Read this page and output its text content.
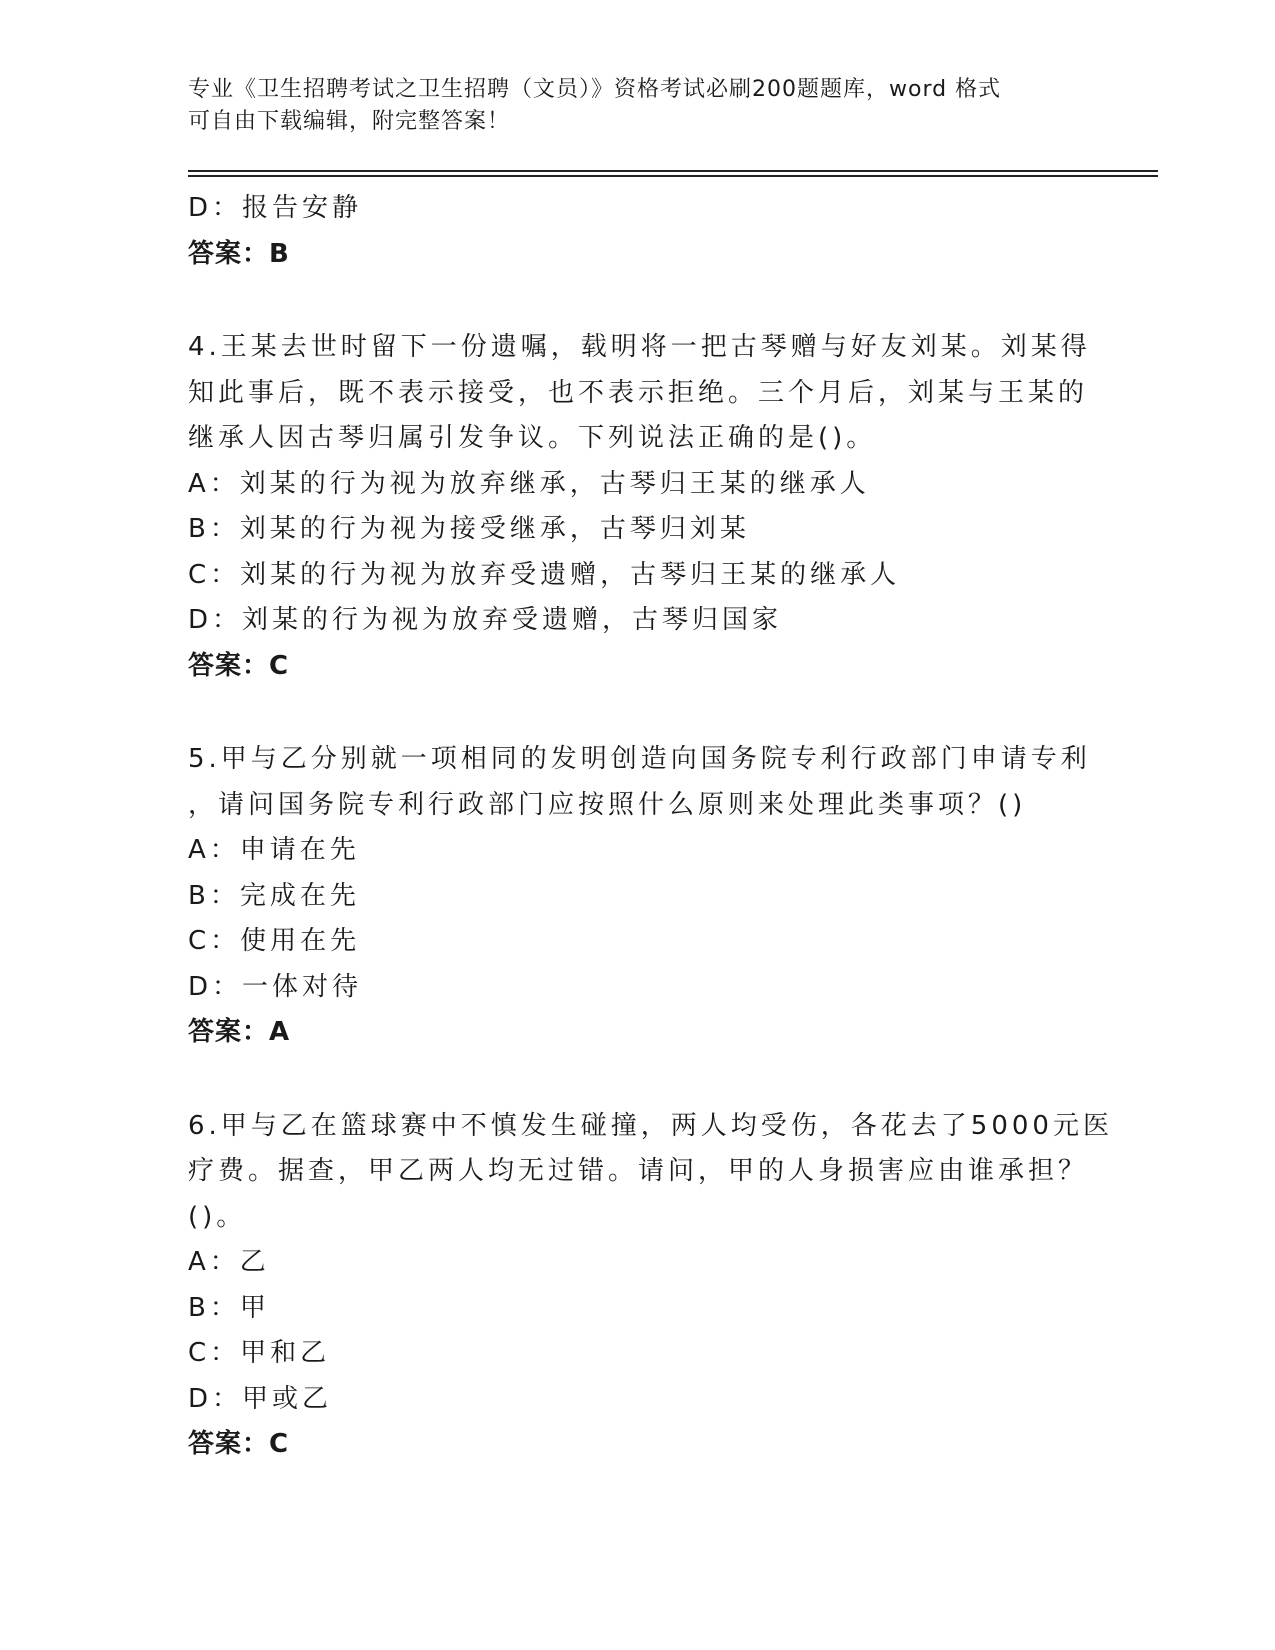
专业《卫生招聘考试之卫生招聘（文员）》资格考试必刷200题题库，word 格式
可自由下载编辑，附完整答案！
D：报告安静
答案：B
4.王某去世时留下一份遗嘱，载明将一把古琴赠与好友刘某。刘某得
知此事后，既不表示接受，也不表示拒绝。三个月后，刘某与王某的
继承人因古琴归属引发争议。下列说法正确的是()。
A：刘某的行为视为放弃继承，古琴归王某的继承人
B：刘某的行为视为接受继承，古琴归刘某
C：刘某的行为视为放弃受遗赠，古琴归王某的继承人
D：刘某的行为视为放弃受遗赠，古琴归国家
答案：C
5.甲与乙分别就一项相同的发明创造向国务院专利行政部门申请专利
，请问国务院专利行政部门应按照什么原则来处理此类事项？()
A：申请在先
B：完成在先
C：使用在先
D：一体对待
答案：A
6.甲与乙在篮球赛中不慎发生碰撞，两人均受伤，各花去了5000元医
疗费。据查，甲乙两人均无过错。请问，甲的人身损害应由谁承担？
()。
A：乙
B：甲
C：甲和乙
D：甲或乙
答案：C
